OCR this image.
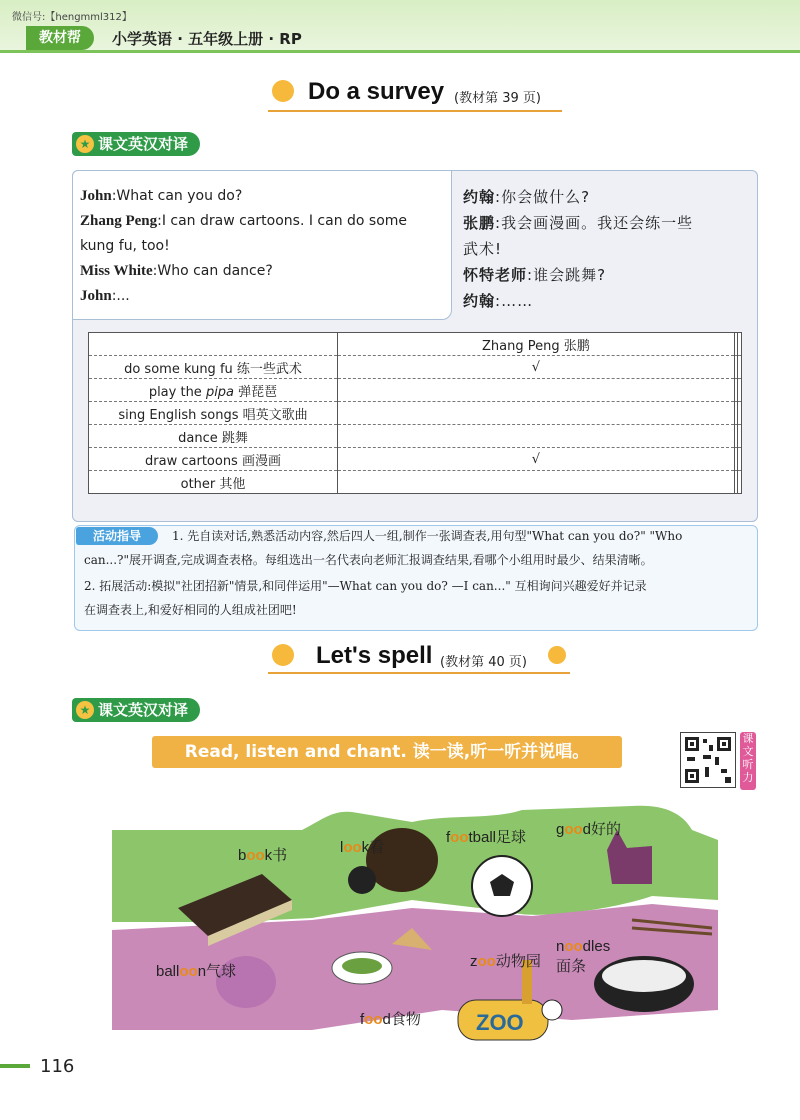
微信号:【hengmml312】
教材帮	小学英语 · 五年级上册 · RP
Do a survey (教材第 39 页)
★ 课文英汉对译
John:What can you do?
Zhang Peng:I can draw cartoons. I can do some
kung fu, too!
Miss White:Who can dance?
John:...
约翰:你会做什么?
张鹏:我会画漫画。我还会练一些
武术!
怀特老师:谁会跳舞?
约翰:……
	Zhang Peng 张鹏		
do some kung fu 练一些武术	√		
play the pipa 弹琵琶			
sing English songs 唱英文歌曲			
dance 跳舞			
draw cartoons 画漫画	√		
other 其他			
活动指导	1. 先自读对话,熟悉活动内容,然后四人一组,制作一张调查表,用句型"What can you do?" "Who
can...?"展开调查,完成调查表格。每组选出一名代表向老师汇报调查结果,看哪个小组用时最少、结果清晰。
2. 拓展活动:模拟"社团招新"情景,和同伴运用"—What can you do? —I can..." 互相询问兴趣爱好并记录
在调查表上,和爱好相同的人组成社团吧!
Let's spell (教材第 40 页)
★ 课文英汉对译
Read, listen and chant. 读一读,听一听并说唱。
课文听力
ZOO
book书	look看
football足球 good好的
balloon气球
zoo动物园
noodles
面条
food食物
116
